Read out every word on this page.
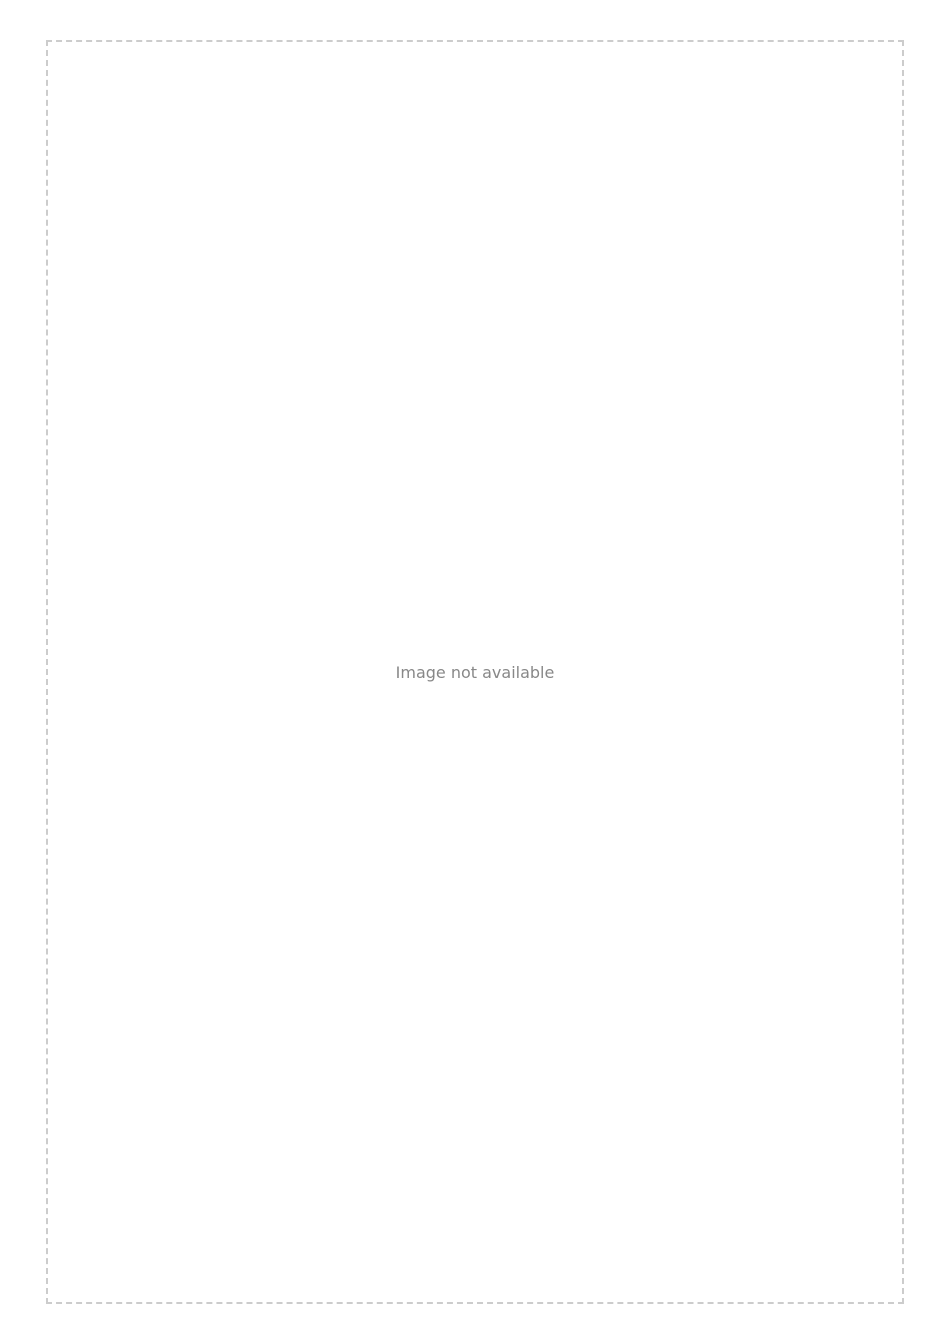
Image not available
